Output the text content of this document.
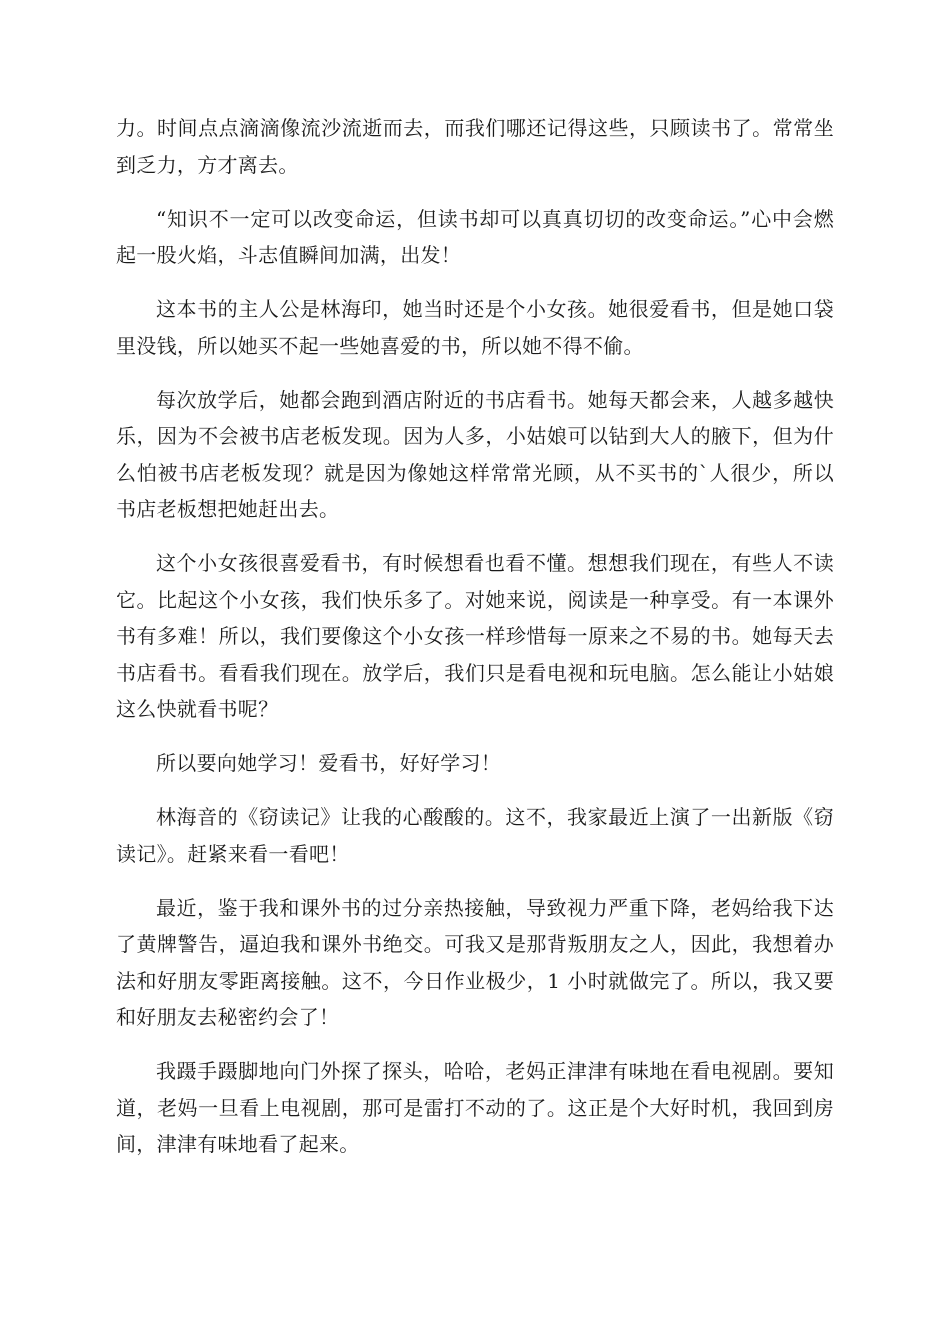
力。时间点点滴滴像流沙流逝而去，而我们哪还记得这些，只顾读书了。常常坐到乏力，方才离去。

“知识不一定可以改变命运，但读书却可以真真切切的改变命运。”心中会燃起一股火焰，斗志值瞬间加满，出发！

这本书的主人公是林海印，她当时还是个小女孩。她很爱看书，但是她口袋里没钱，所以她买不起一些她喜爱的书，所以她不得不偷。

每次放学后，她都会跑到酒店附近的书店看书。她每天都会来，人越多越快乐，因为不会被书店老板发现。因为人多，小姑娘可以钻到大人的腋下，但为什么怕被书店老板发现？就是因为像她这样常常光顾，从不买书的`人很少，所以书店老板想把她赶出去。

这个小女孩很喜爱看书，有时候想看也看不懂。想想我们现在，有些人不读它。比起这个小女孩，我们快乐多了。对她来说，阅读是一种享受。有一本课外书有多难！所以，我们要像这个小女孩一样珍惜每一原来之不易的书。她每天去书店看书。看看我们现在。放学后，我们只是看电视和玩电脑。怎么能让小姑娘这么快就看书呢？

所以要向她学习！爱看书，好好学习！

林海音的《窃读记》让我的心酸酸的。这不，我家最近上演了一出新版《窃读记》。赶紧来看一看吧！

最近，鉴于我和课外书的过分亲热接触，导致视力严重下降，老妈给我下达了黄牌警告，逼迫我和课外书绝交。可我又是那背叛朋友之人，因此，我想着办法和好朋友零距离接触。这不，今日作业极少，1 小时就做完了。所以，我又要和好朋友去秘密约会了！

我蹑手蹑脚地向门外探了探头，哈哈，老妈正津津有味地在看电视剧。要知道，老妈一旦看上电视剧，那可是雷打不动的了。这正是个大好时机，我回到房间，津津有味地看了起来。
